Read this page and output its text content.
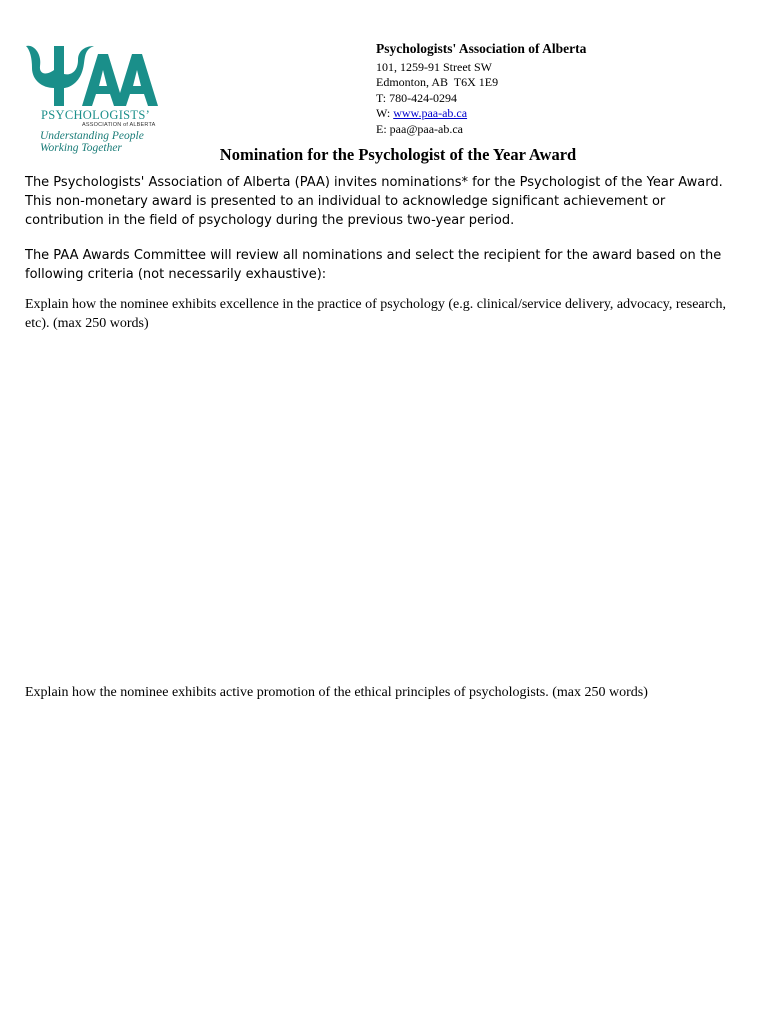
PSYCHOLOGISTS’
ASSOCIATION of ALBERTA
Understanding People
Working Together
Psychologists' Association of Alberta
101, 1259-91 Street SW
Edmonton, AB  T6X 1E9
T: 780-424-0294
W: www.paa-ab.ca
E: paa@paa-ab.ca
Nomination for the Psychologist of the Year Award
The Psychologists' Association of Alberta (PAA) invites nominations* for the Psychologist of the Year Award. This non-monetary award is presented to an individual to acknowledge significant achievement or contribution in the field of psychology during the previous two-year period.
The PAA Awards Committee will review all nominations and select the recipient for the award based on the following criteria (not necessarily exhaustive):
Explain how the nominee exhibits excellence in the practice of psychology (e.g. clinical/service delivery, advocacy, research, etc). (max 250 words)
Explain how the nominee exhibits active promotion of the ethical principles of psychologists. (max 250 words)
